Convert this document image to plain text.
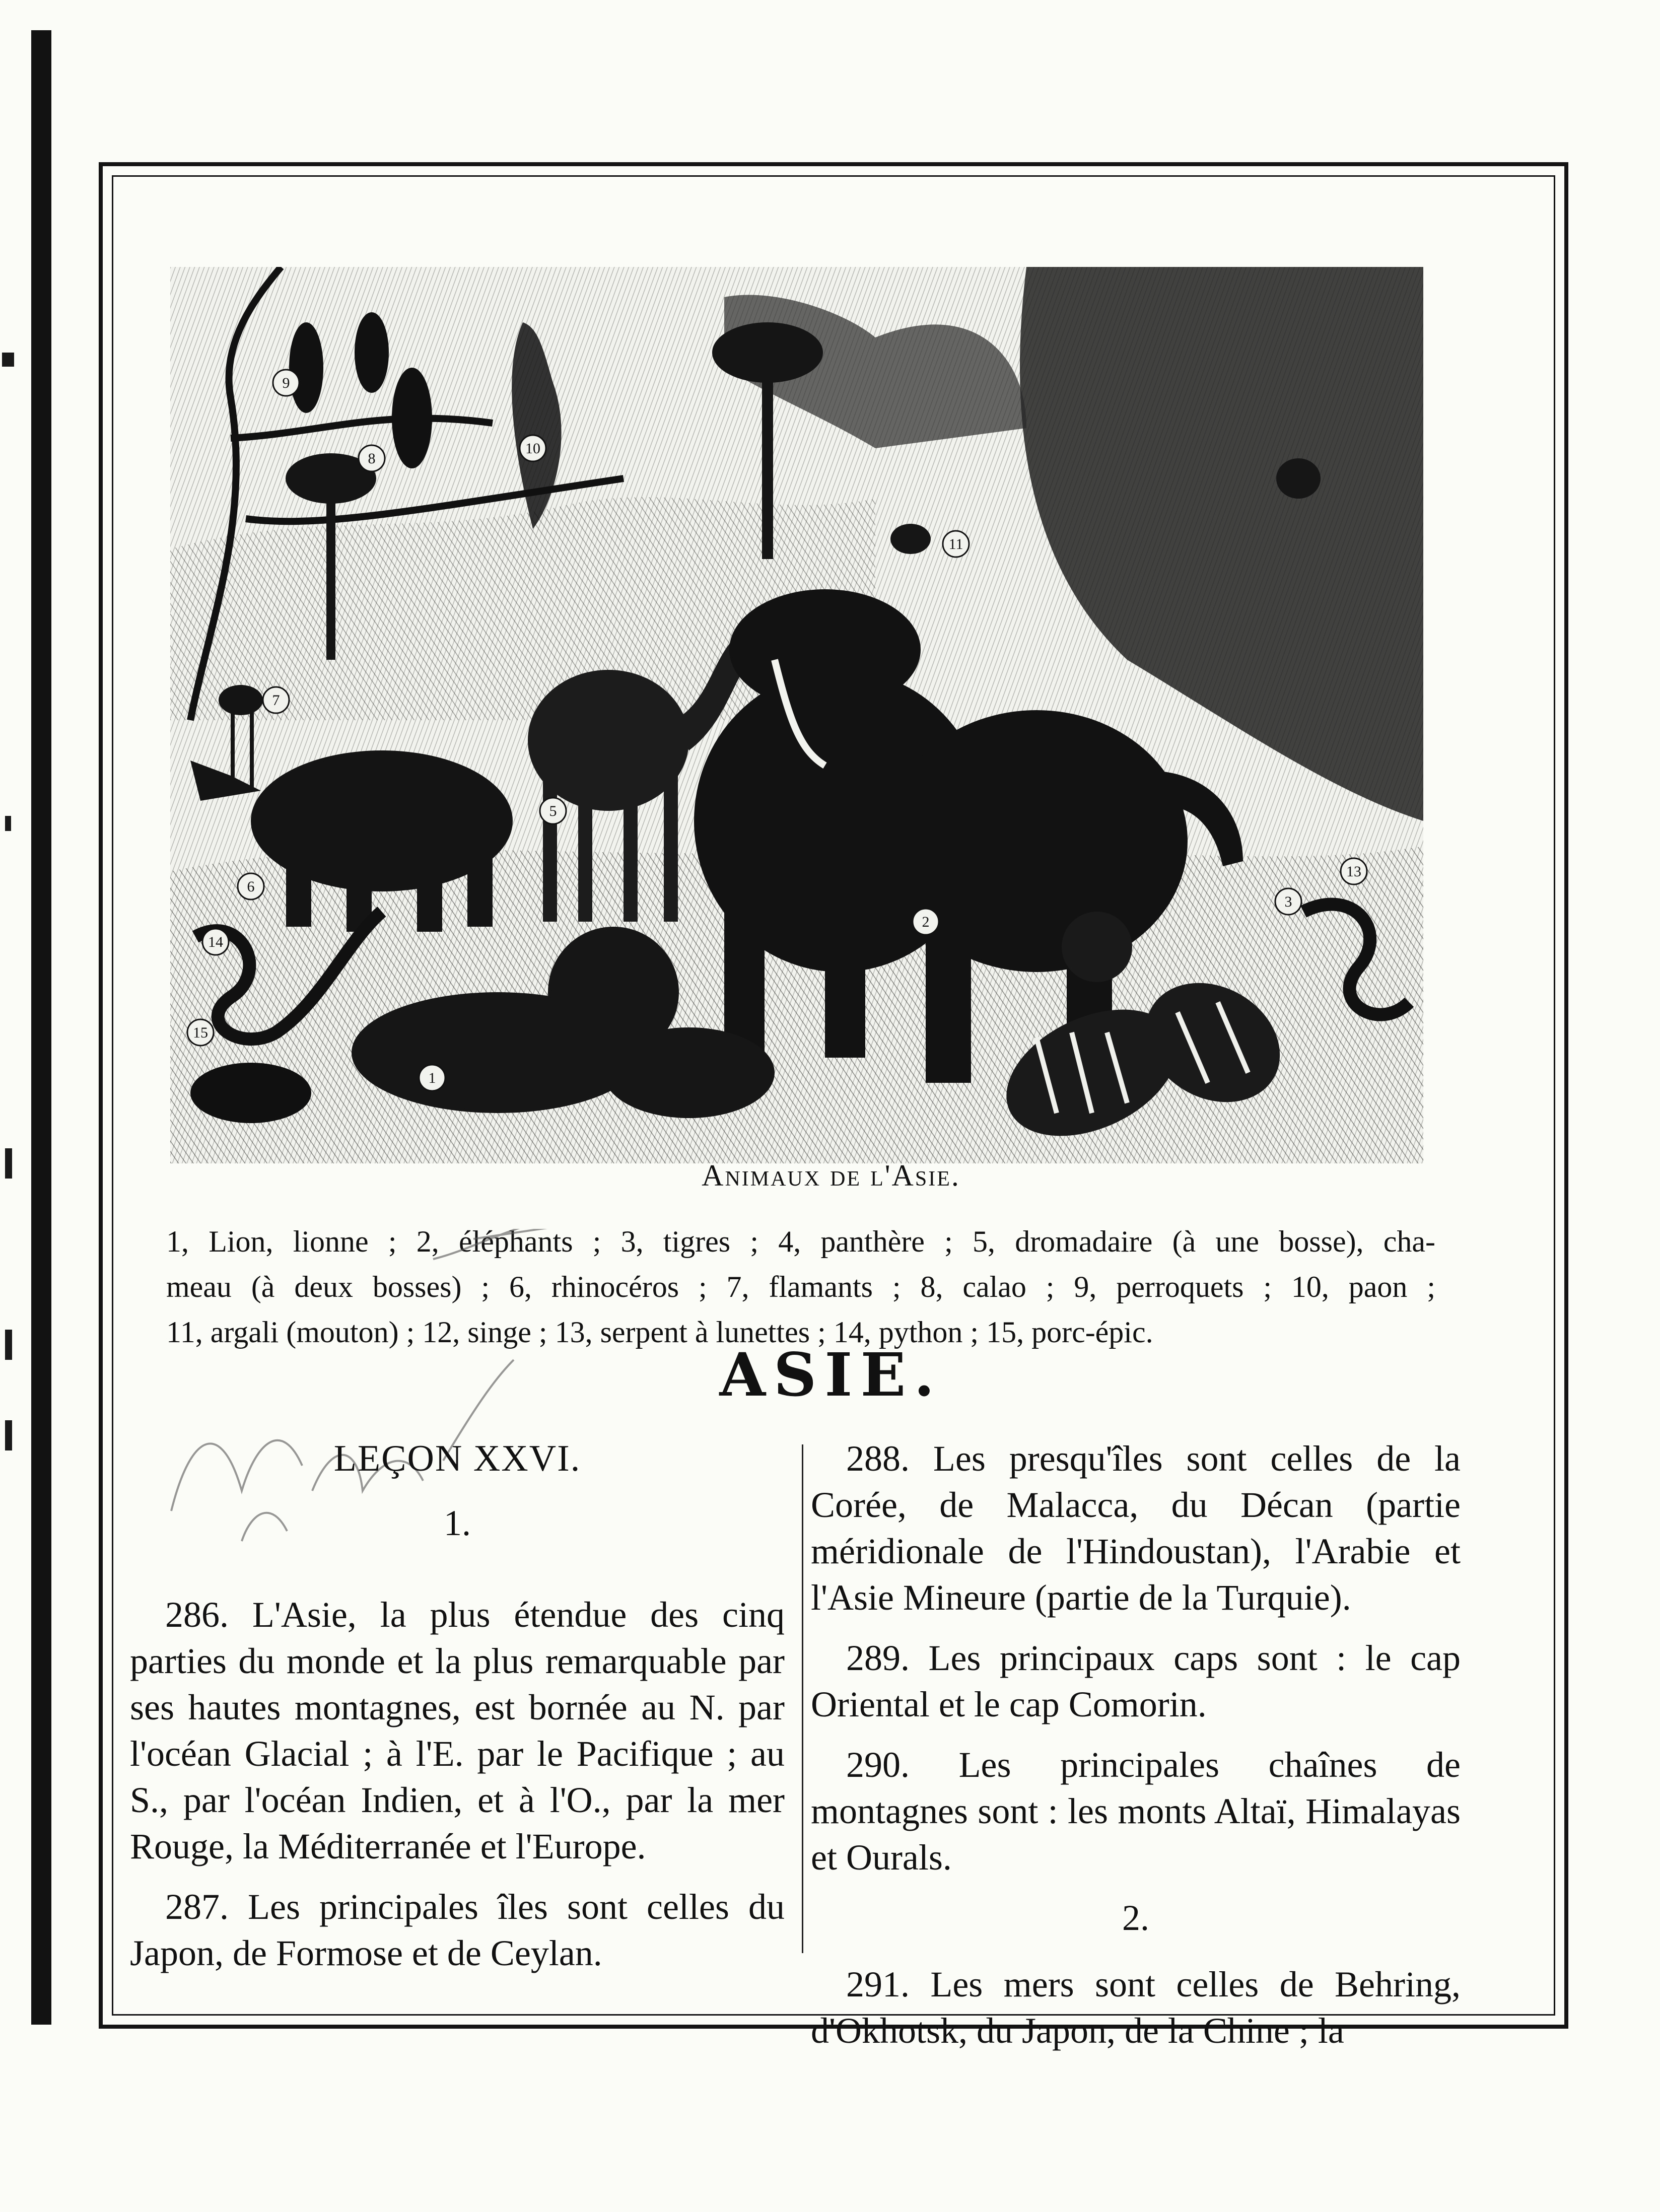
1
2
3
5
6
7
8
9
10
11
13
14
15
Animaux de l'Asie.
1, Lion, lionne ; 2, éléphants ; 3, tigres ; 4, panthère ; 5, dromadaire (à une bosse), cha-
meau (à deux bosses) ; 6, rhinocéros ; 7, flamants ; 8, calao ; 9, perroquets ; 10, paon ;
11, argali (mouton) ; 12, singe ; 13, serpent à lunettes ; 14, python ; 15, porc-épic.
ASIE.
LEÇON XXVI.
1.

286. L'Asie, la plus étendue des cinq parties du monde et la plus remarquable par ses hautes montagnes, est bornée au N. par l'océan Glacial ; à l'E. par le Pacifique ; au S., par l'océan Indien, et à l'O., par la mer Rouge, la Méditerranée et l'Europe.

287. Les principales îles sont celles du Japon, de Formose et de Ceylan.

288. Les presqu'îles sont celles de la Corée, de Malacca, du Décan (partie méridionale de l'Hindoustan), l'Arabie et l'Asie Mineure (partie de la Turquie).

289. Les principaux caps sont : le cap Oriental et le cap Comorin.

290. Les principales chaînes de montagnes sont : les monts Altaï, Himalayas et Ourals.

2.

291. Les mers sont celles de Behring, d'Okhotsk, du Japon, de la Chine ; la
